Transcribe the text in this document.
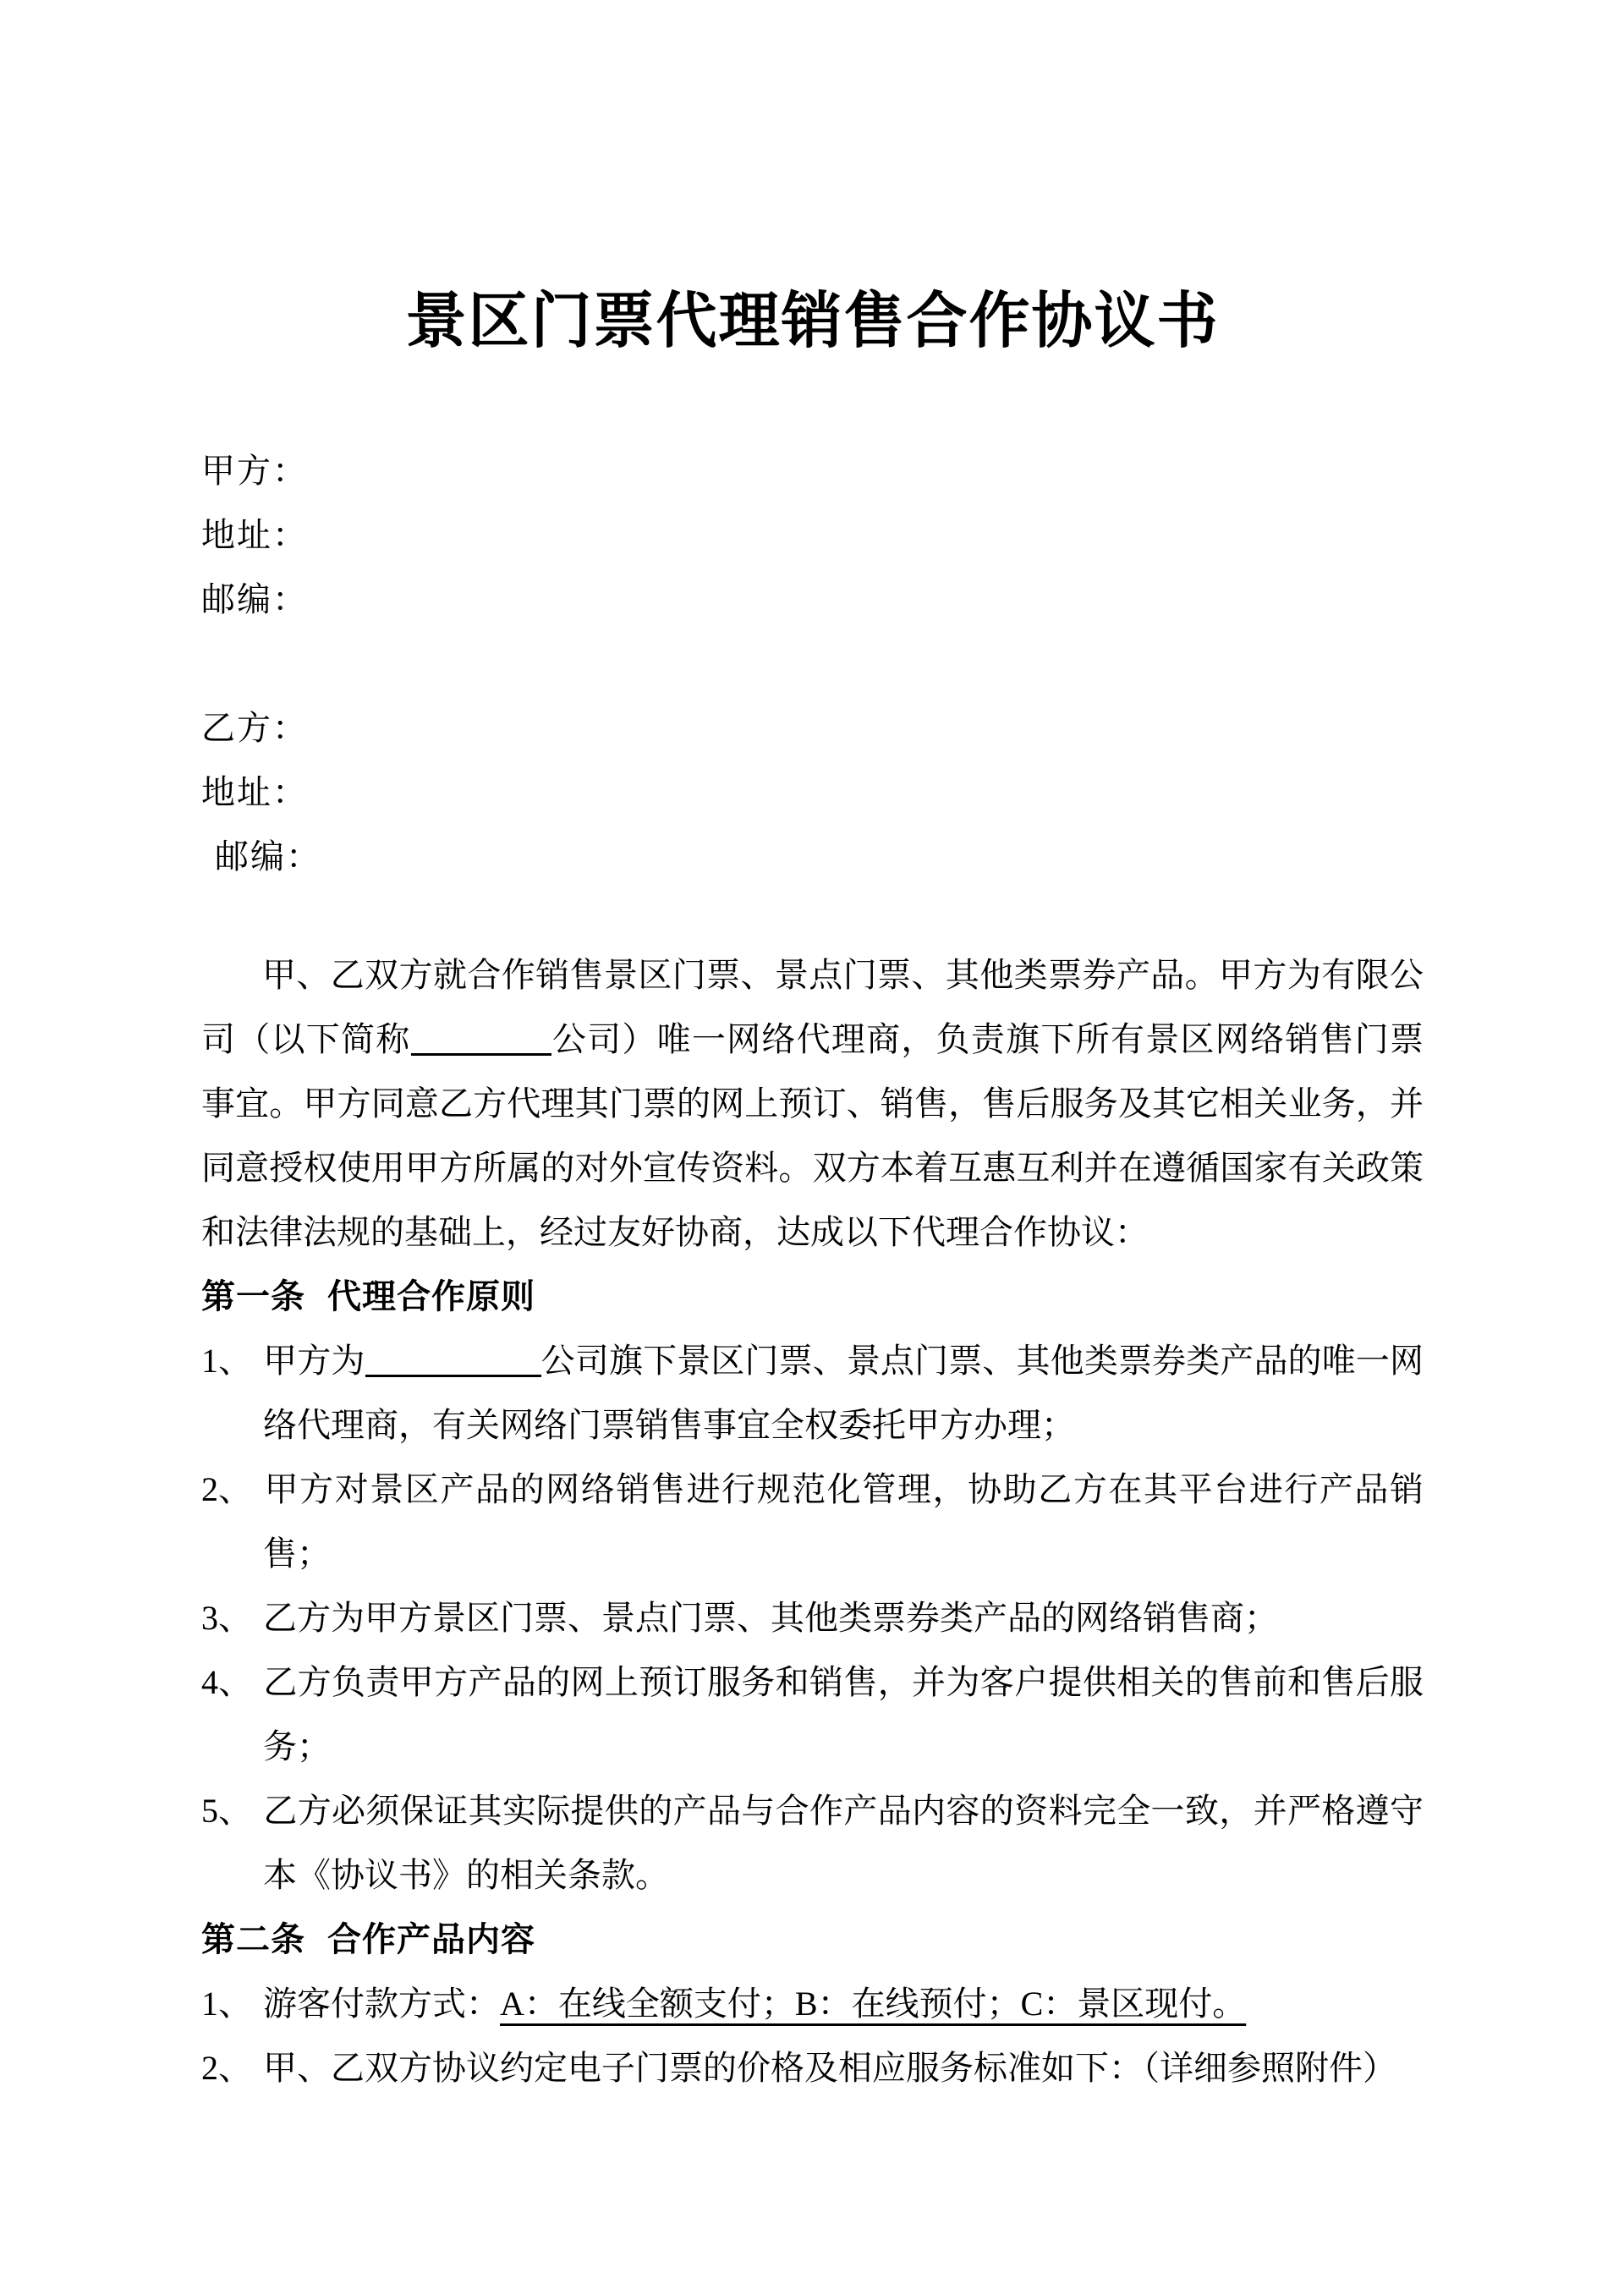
景区门票代理销售合作协议书
甲方：
地址：
邮编：
乙方：
地址：
邮编：
甲、乙双方就合作销售景区门票、景点门票、其他类票券产品。甲方为有限公司（以下简称	公司）唯一网络代理商，负责旗下所有景区网络销售门票事宜。甲方同意乙方代理其门票的网上预订、销售，售后服务及其它相关业务，并同意授权使用甲方所属的对外宣传资料。双方本着互惠互利并在遵循国家有关政策和法律法规的基础上，经过友好协商，达成以下代理合作协议：
第一条 代理合作原则
1、 甲方为	公司旗下景区门票、景点门票、其他类票券类产品的唯一网络代理商，有关网络门票销售事宜全权委托甲方办理；
2、 甲方对景区产品的网络销售进行规范化管理，协助乙方在其平台进行产品销售；
3、 乙方为甲方景区门票、景点门票、其他类票券类产品的网络销售商；
4、 乙方负责甲方产品的网上预订服务和销售，并为客户提供相关的售前和售后服务；
5、 乙方必须保证其实际提供的产品与合作产品内容的资料完全一致，并严格遵守本《协议书》的相关条款。
第二条 合作产品内容
1、 游客付款方式：A：在线全额支付；B：在线预付；C：景区现付。
2、 甲、乙双方协议约定电子门票的价格及相应服务标准如下：（详细参照附件）
